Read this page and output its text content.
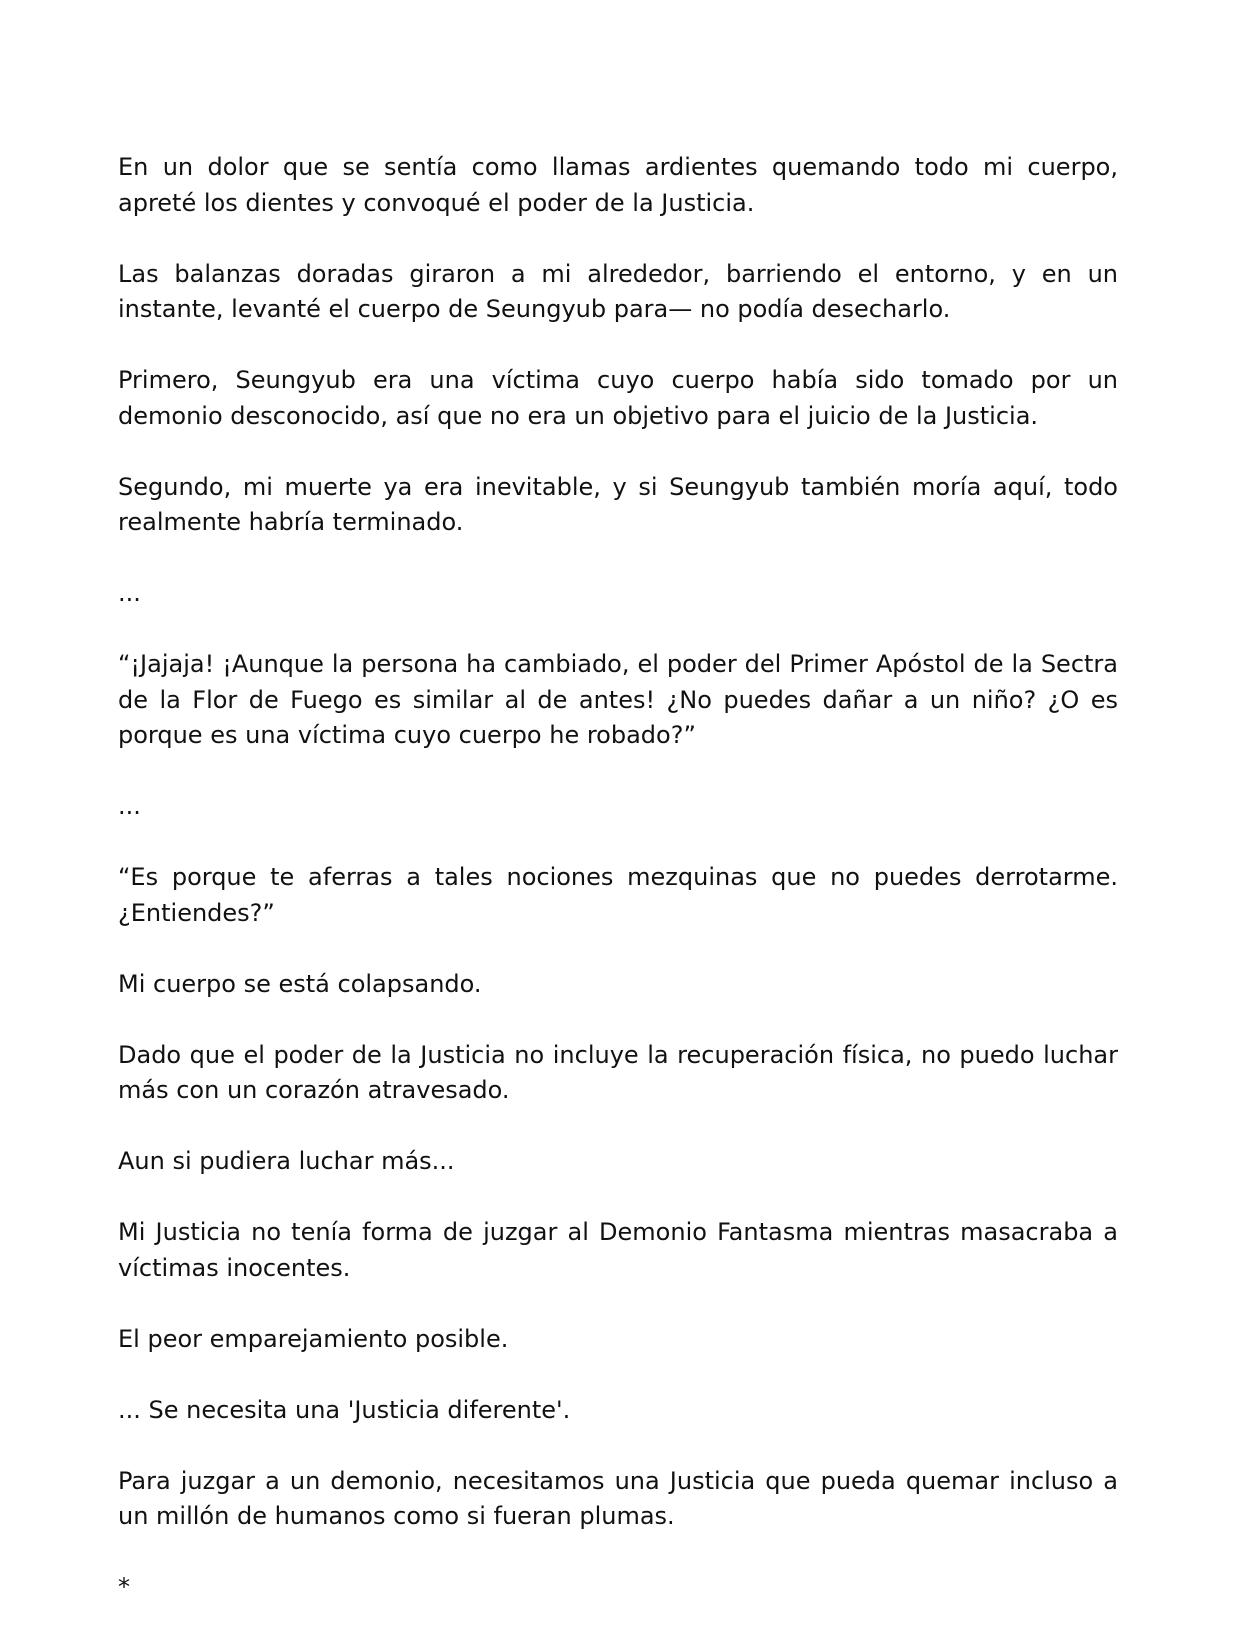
En un dolor que se sentía como llamas ardientes quemando todo mi cuerpo, apreté los dientes y convoqué el poder de la Justicia.

Las balanzas doradas giraron a mi alrededor, barriendo el entorno, y en un instante, levanté el cuerpo de Seungyub para— no podía desecharlo.

Primero, Seungyub era una víctima cuyo cuerpo había sido tomado por un demonio desconocido, así que no era un objetivo para el juicio de la Justicia.

Segundo, mi muerte ya era inevitable, y si Seungyub también moría aquí, todo realmente habría terminado.

...

“¡Jajaja! ¡Aunque la persona ha cambiado, el poder del Primer Apóstol de la Sectra de la Flor de Fuego es similar al de antes! ¿No puedes dañar a un niño? ¿O es porque es una víctima cuyo cuerpo he robado?”

...

“Es porque te aferras a tales nociones mezquinas que no puedes derrotarme. ¿Entiendes?”

Mi cuerpo se está colapsando.

Dado que el poder de la Justicia no incluye la recuperación física, no puedo luchar más con un corazón atravesado.

Aun si pudiera luchar más...

Mi Justicia no tenía forma de juzgar al Demonio Fantasma mientras masacraba a víctimas inocentes.

El peor emparejamiento posible.

... Se necesita una 'Justicia diferente'.

Para juzgar a un demonio, necesitamos una Justicia que pueda quemar incluso a un millón de humanos como si fueran plumas.

*
